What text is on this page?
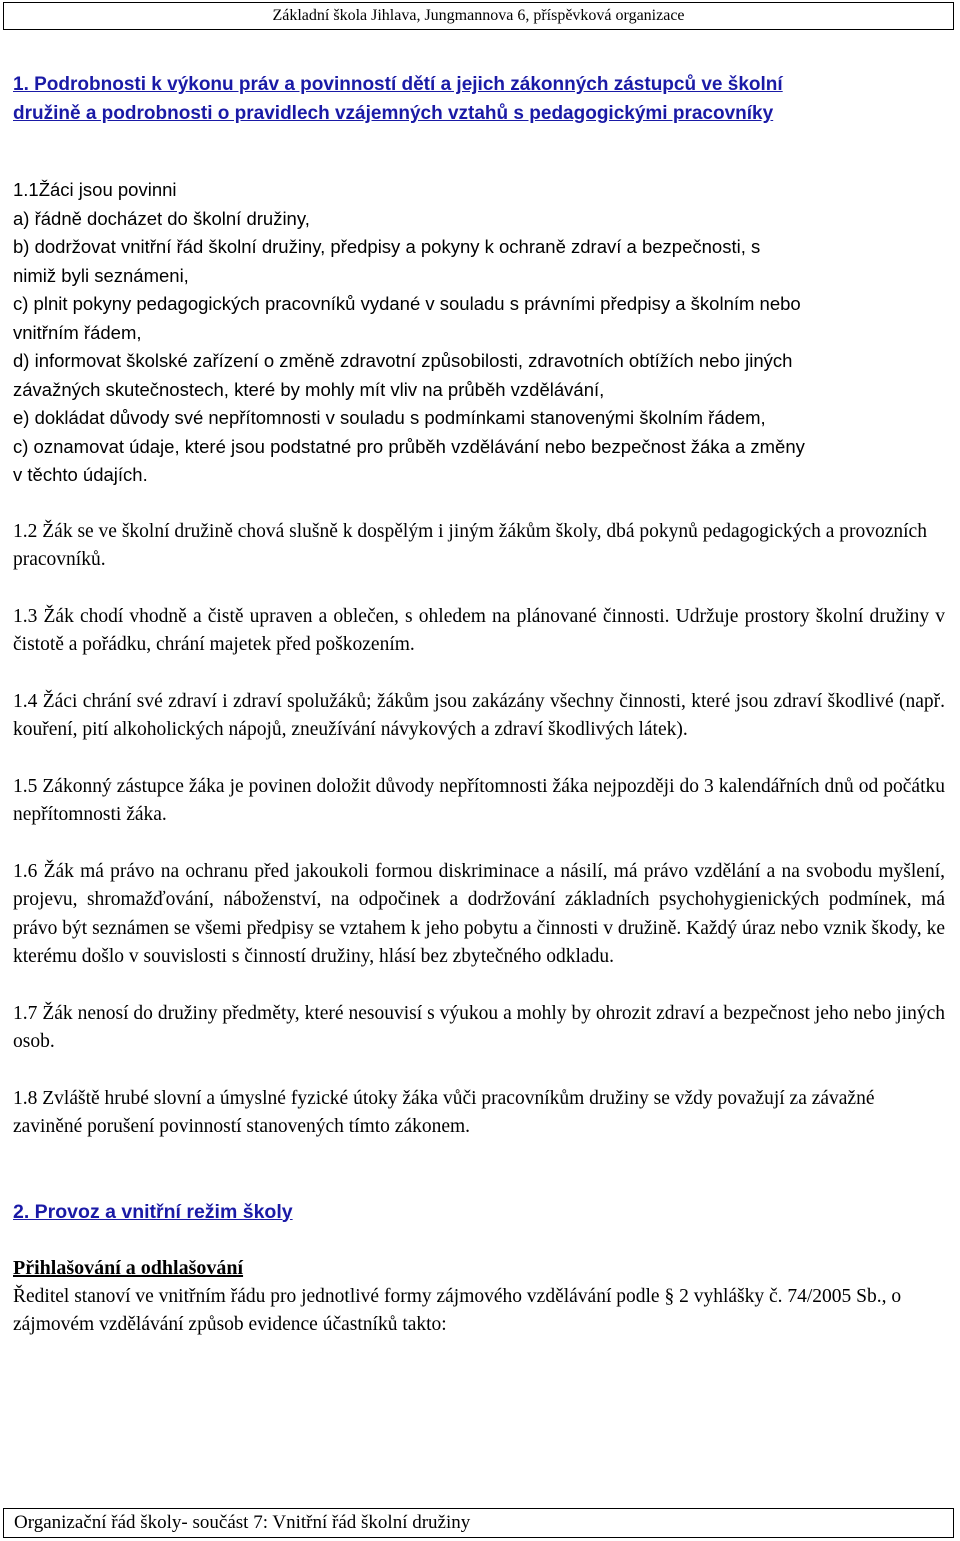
Základní škola Jihlava, Jungmannova 6, příspěvková organizace
1. Podrobnosti k výkonu práv a povinností dětí a jejich zákonných zástupců ve školní
družině a podrobnosti o pravidlech vzájemných vztahů s pedagogickými pracovníky
1.1Žáci jsou povinni
a) řádně docházet do školní družiny,
b) dodržovat vnitřní řád školní družiny, předpisy a pokyny k ochraně zdraví a bezpečnosti, s
nimiž byli seznámeni,
c) plnit pokyny pedagogických pracovníků vydané v souladu s právními předpisy a školním nebo
vnitřním řádem,
d) informovat školské zařízení o změně zdravotní způsobilosti, zdravotních obtížích nebo jiných
závažných skutečnostech, které by mohly mít vliv na průběh vzdělávání,
e) dokládat důvody své nepřítomnosti v souladu s podmínkami stanovenými školním řádem,
c) oznamovat údaje, které jsou podstatné pro průběh vzdělávání nebo bezpečnost žáka a změny
v těchto údajích.

1.2 Žák se ve školní družině chová slušně k dospělým i jiným žákům školy, dbá pokynů pedagogických a provozních pracovníků.

1.3 Žák chodí vhodně a čistě upraven a oblečen, s ohledem na plánované činnosti. Udržuje prostory školní družiny v čistotě a pořádku, chrání majetek před poškozením.

1.4 Žáci chrání své zdraví i zdraví spolužáků; žákům jsou zakázány všechny činnosti, které jsou zdraví škodlivé (např. kouření, pití alkoholických nápojů, zneužívání návykových a zdraví škodlivých látek).

1.5 Zákonný zástupce žáka je povinen doložit důvody nepřítomnosti žáka nejpozději do 3 kalendářních dnů od počátku nepřítomnosti žáka.

1.6 Žák má právo na ochranu před jakoukoli formou diskriminace a násilí, má právo vzdělání a na svobodu myšlení, projevu, shromažďování, náboženství, na odpočinek a dodržování základních psychohygienických podmínek, má právo být seznámen se všemi předpisy se vztahem k jeho pobytu a činnosti v družině. Každý úraz nebo vznik škody, ke kterému došlo v souvislosti s činností družiny, hlásí bez zbytečného odkladu.

1.7 Žák nenosí do družiny předměty, které nesouvisí s výukou a mohly by ohrozit zdraví a bezpečnost jeho nebo jiných osob.

1.8 Zvláště hrubé slovní a úmyslné fyzické útoky žáka vůči pracovníkům družiny se vždy považují za závažné zaviněné porušení povinností stanovených tímto zákonem.

2. Provoz a vnitřní režim školy
Přihlašování a odhlašování

Ředitel stanoví ve vnitřním řádu pro jednotlivé formy zájmového vzdělávání podle § 2 vyhlášky č. 74/2005 Sb., o zájmovém vzdělávání způsob evidence účastníků takto:

Organizační řád školy- součást 7: Vnitřní řád školní družiny
